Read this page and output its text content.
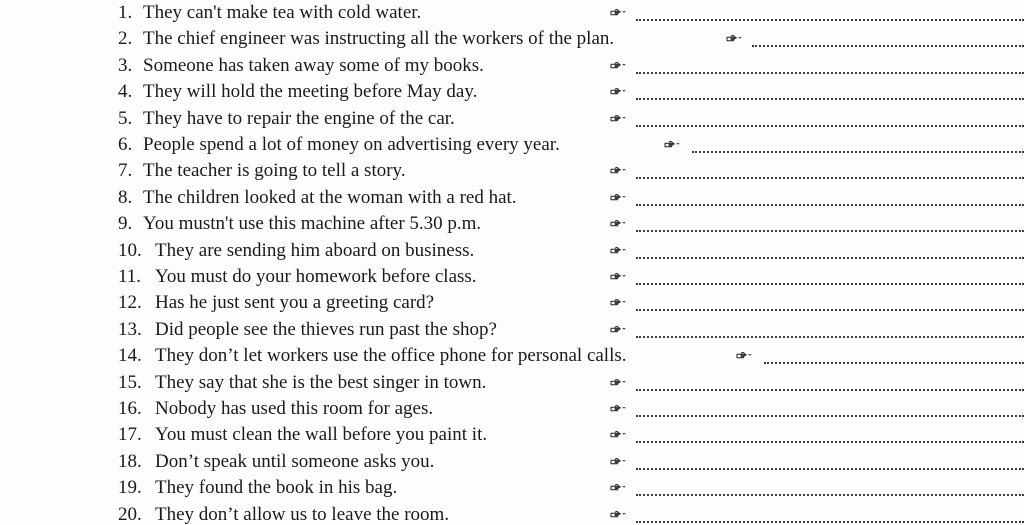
1. They can't make tea with cold water.
2. The chief engineer was instructing all the workers of the plan.
3. Someone has taken away some of my books.
4. They will hold the meeting before May day.
5. They have to repair the engine of the car.
6. People spend a lot of money on advertising every year.
7. The teacher is going to tell a story.
8. The children looked at the woman with a red hat.
9. You mustn't use this machine after 5.30 p.m.
10. They are sending him aboard on business.
11. You must do your homework before class.
12. Has he just sent you a greeting card?
13. Did people see the thieves run past the shop?
14. They don’t let workers use the office phone for personal calls.
15. They say that she is the best singer in town.
16. Nobody has used this room for ages.
17. You must clean the wall before you paint it.
18. Don’t speak until someone asks you.
19. They found the book in his bag.
20. They don’t allow us to leave the room.
